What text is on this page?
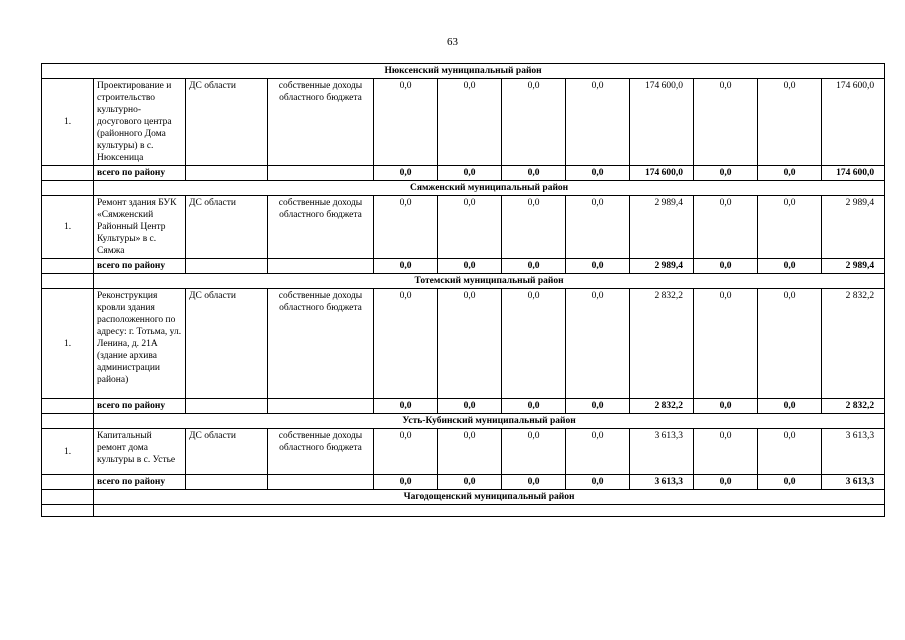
63
Нюксенский муниципальный район											
1.	Проектирование и строительство культурно-досугового центра (районного Дома культуры) в с. Нюксеница	ДС области	собственные доходы областного бюджета	0,0	0,0	0,0	0,0	174 600,0	0,0	0,0	174 600,0
	всего по району			0,0	0,0	0,0	0,0	174 600,0	0,0	0,0	174 600,0
	Сямженский муниципальный район										
1.	Ремонт здания БУК «Сямженский Районный Центр Культуры» в с. Сямжа	ДС области	собственные доходы областного бюджета	0,0	0,0	0,0	0,0	2 989,4	0,0	0,0	2 989,4
	всего по району			0,0	0,0	0,0	0,0	2 989,4	0,0	0,0	2 989,4
	Тотемский муниципальный район										
1.	Реконструкция кровли здания расположенного по адресу: г. Тотьма, ул. Ленина, д. 21А (здание архива администрации района)	ДС области	собственные доходы областного бюджета	0,0	0,0	0,0	0,0	2 832,2	0,0	0,0	2 832,2
	всего по району			0,0	0,0	0,0	0,0	2 832,2	0,0	0,0	2 832,2
	Усть-Кубинский муниципальный район										
1.	Капитальный ремонт дома культуры в с. Устье	ДС области	собственные доходы областного бюджета	0,0	0,0	0,0	0,0	3 613,3	0,0	0,0	3 613,3
	всего по району			0,0	0,0	0,0	0,0	3 613,3	0,0	0,0	3 613,3
	Чагодощенский муниципальный район										
